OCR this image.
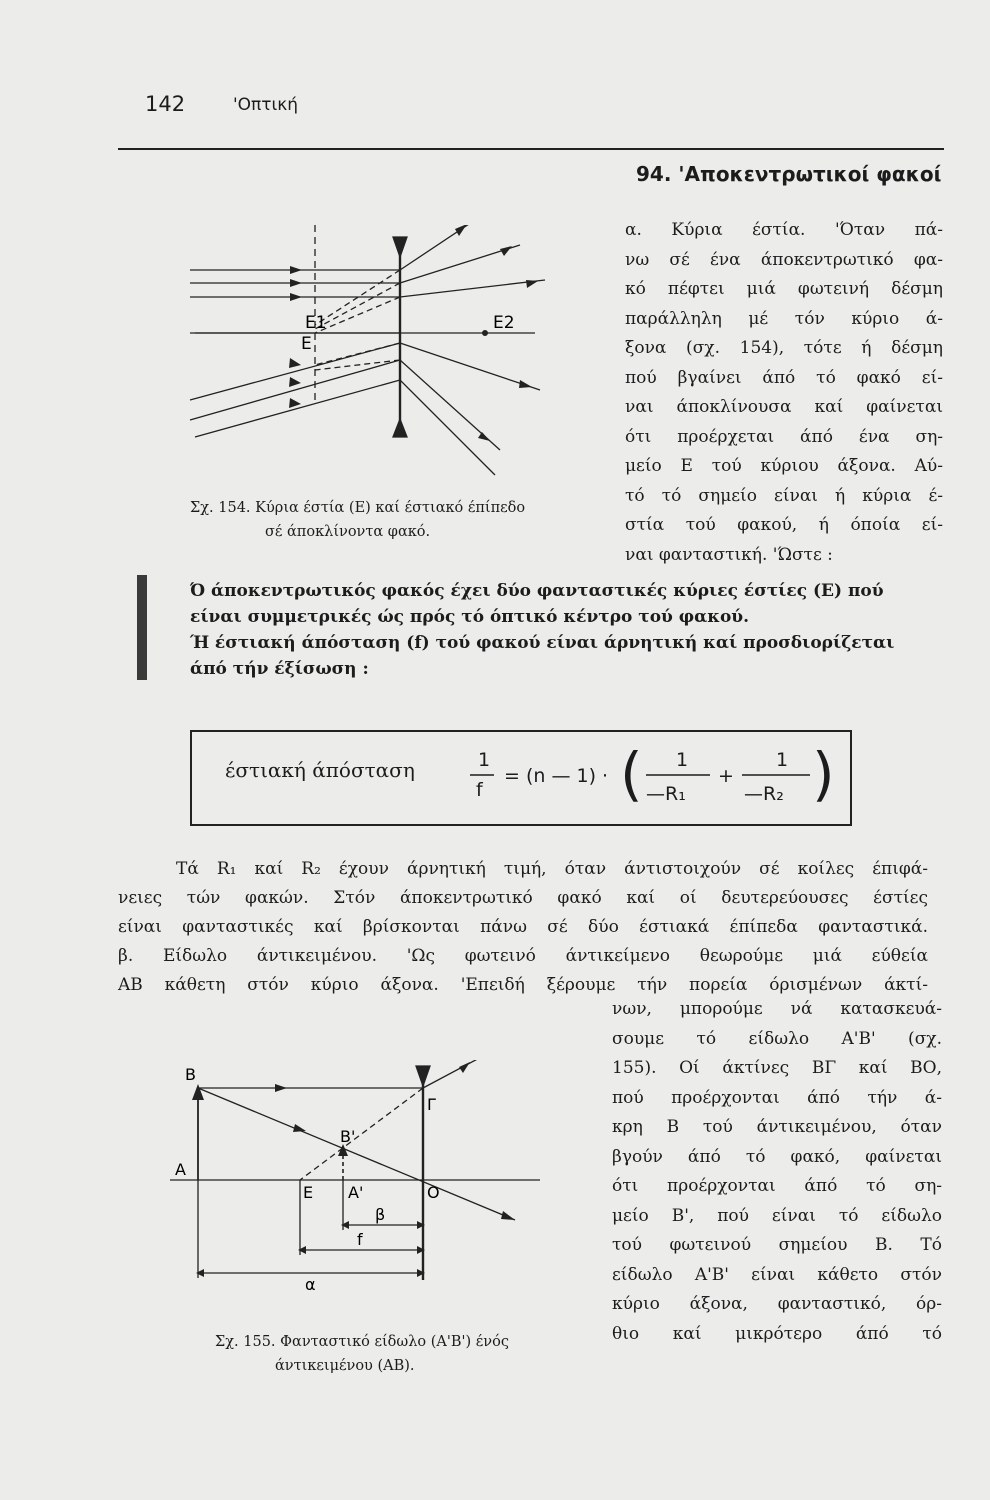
142	'Οπτική
94. 'Αποκεντρωτικοί φακοί
α. Κύρια έστία. 'Όταν πά-
νω σέ ένα άποκεντρωτικό φα-
κό πέφτει μιά φωτεινή δέσμη
παράλληλη μέ τόν κύριο ά-
ξονα (σχ. 154), τότε ή δέσμη
πού βγαίνει άπό τό φακό εί-
ναι άποκλίνουσα καί φαίνεται
ότι προέρχεται άπό ένα ση-
μείο Ε τού κύριου άξονα. Αύ-
τό τό σημείο είναι ή κύρια έ-
στία τού φακού, ή όποία εί-
ναι φανταστική. 'Ώστε :
E1
E
E2
Σχ. 154. Κύρια έστία (Ε) καί έστιακό έπίπεδο
σέ άποκλίνοντα φακό.
Ό άποκεντρωτικός φακός έχει δύο φανταστικές κύριες έστίες (Ε) πού
είναι συμμετρικές ώς πρός τό όπτικό κέντρο τού φακού.
Ή έστιακή άπόσταση (f) τού φακού είναι άρνητική καί προσδιορίζεται
άπό τήν έξίσωση :
έστιακή άπόσταση	1
f
= (n — 1) · ( 1
—R₁
+
1
—R₂ )
Τά R₁ καί R₂ έχουν άρνητική τιμή, όταν άντιστοιχούν σέ κοίλες έπιφά-
νειες τών φακών. Στόν άποκεντρωτικό φακό καί οί δευτερεύουσες έστίες
είναι φανταστικές καί βρίσκονται πάνω σέ δύο έστιακά έπίπεδα φανταστικά.
β. Είδωλο άντικειμένου. 'Ως φωτεινό άντικείμενο θεωρούμε μιά εύθεία
ΑΒ κάθετη στόν κύριο άξονα. 'Επειδή ξέρουμε τήν πορεία όρισμένων άκτί-
νων, μπορούμε νά κατασκευά-
σουμε τό είδωλο Α'Β' (σχ.
155). Οί άκτίνες ΒΓ καί ΒΟ,
πού προέρχονται άπό τήν ά-
κρη Β τού άντικειμένου, όταν
βγούν άπό τό φακό, φαίνεται
ότι προέρχονται άπό τό ση-
μείο Β', πού είναι τό είδωλο
τού φωτεινού σημείου Β. Τό
είδωλο Α'Β' είναι κάθετο στόν
κύριο άξονα, φανταστικό, όρ-
θιο καί μικρότερο άπό τό
B
A
Γ
B'
E A'	O
β
f
α
Σχ. 155. Φανταστικό είδωλο (Α'Β') ένός
άντικειμένου (ΑΒ).
